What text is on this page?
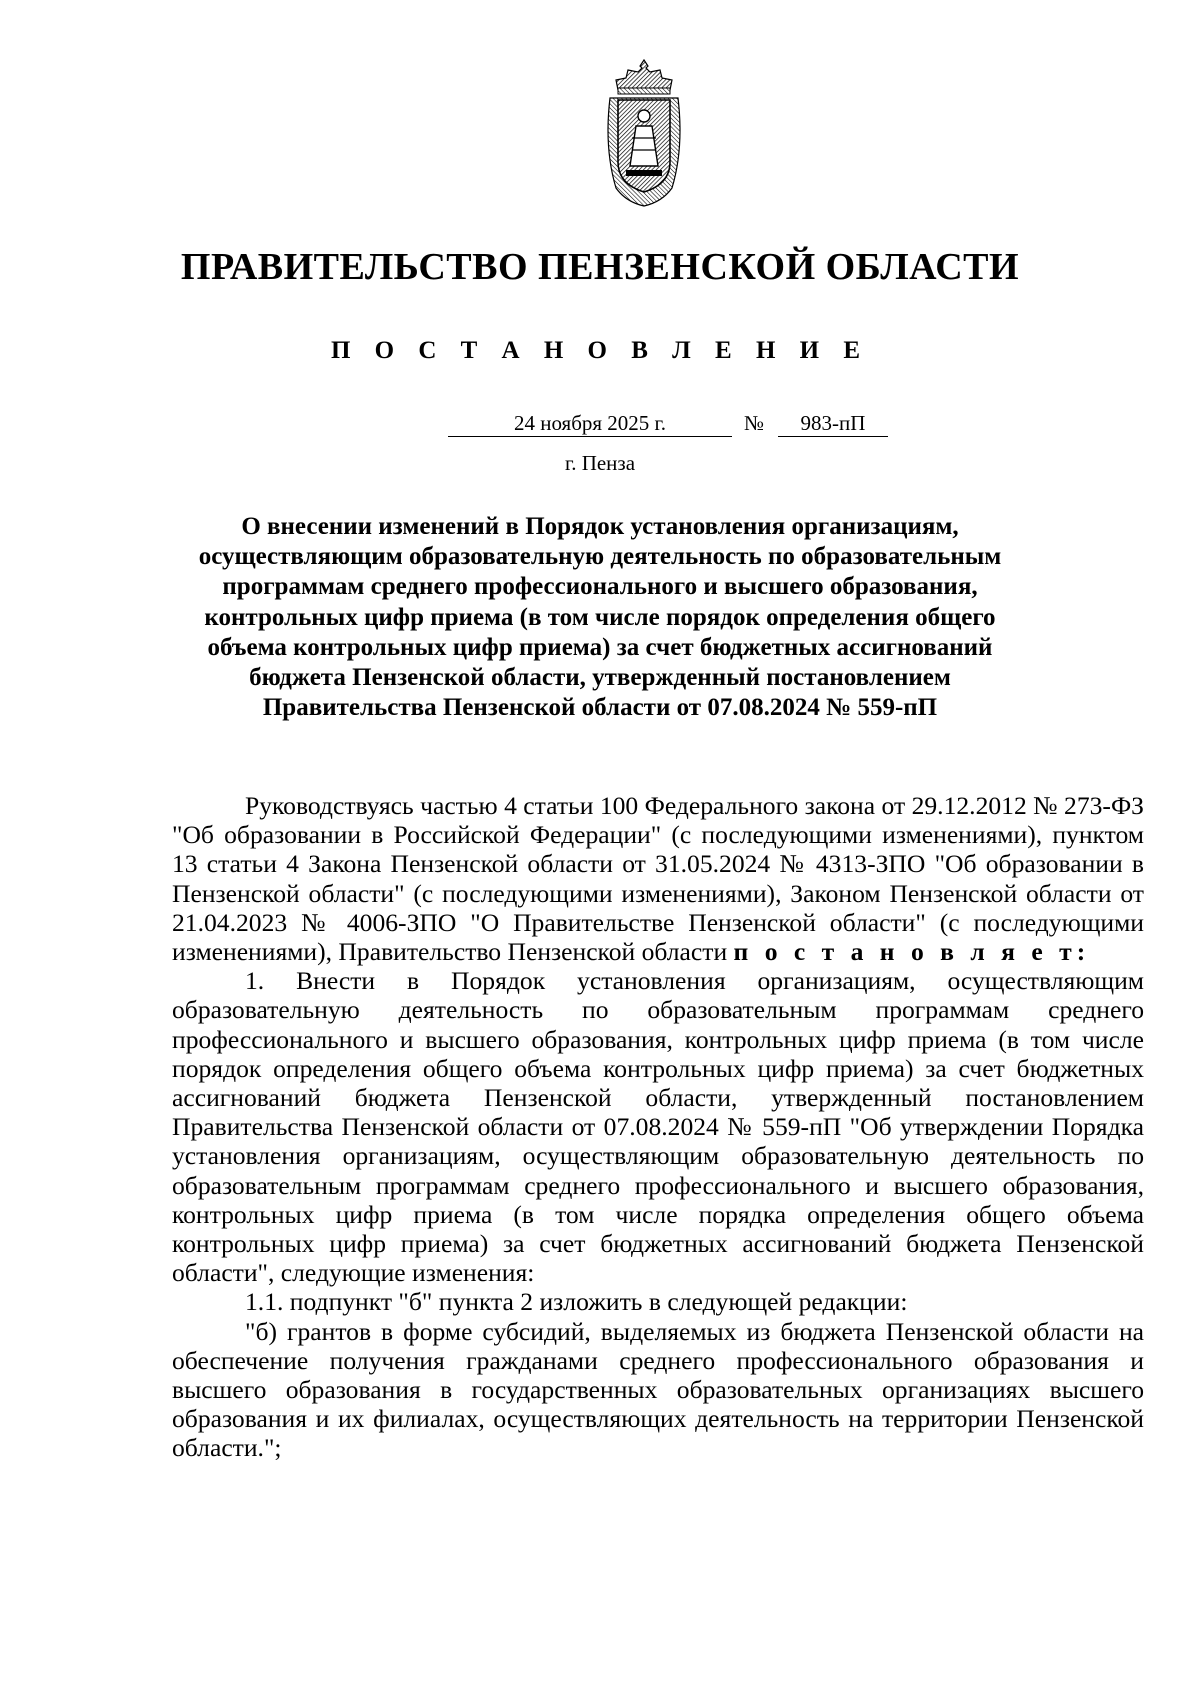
ПРАВИТЕЛЬСТВО ПЕНЗЕНСКОЙ ОБЛАСТИ
П О С Т А Н О В Л Е Н И Е
24 ноября 2025 г.	№	983-пП
г. Пенза
О внесении изменений в Порядок установления организациям, осуществляющим образовательную деятельность по образовательным программам среднего профессионального и высшего образования, контрольных цифр приема (в том числе порядок определения общего объема контрольных цифр приема) за счет бюджетных ассигнований бюджета Пензенской области, утвержденный постановлением Правительства Пензенской области от 07.08.2024 № 559-пП

Руководствуясь частью 4 статьи 100 Федерального закона от 29.12.2012 № 273-ФЗ "Об образовании в Российской Федерации" (с последующими изменениями), пунктом 13 статьи 4 Закона Пензенской области от 31.05.2024 № 4313-ЗПО "Об образовании в Пензенской области" (с последующими изменениями), Законом Пензенской области от 21.04.2023 № 4006-ЗПО "О Правительстве Пензенской области" (с последующими изменениями), Правительство Пензенской области п о с т а н о в л я е т:

1. Внести в Порядок установления организациям, осуществляющим образовательную деятельность по образовательным программам среднего профессионального и высшего образования, контрольных цифр приема (в том числе порядок определения общего объема контрольных цифр приема) за счет бюджетных ассигнований бюджета Пензенской области, утвержденный постановлением Правительства Пензенской области от 07.08.2024 № 559-пП "Об утверждении Порядка установления организациям, осуществляющим образовательную деятельность по образовательным программам среднего профессионального и высшего образования, контрольных цифр приема (в том числе порядка определения общего объема контрольных цифр приема) за счет бюджетных ассигнований бюджета Пензенской области", следующие изменения:

1.1. подпункт "б" пункта 2 изложить в следующей редакции:

"б) грантов в форме субсидий, выделяемых из бюджета Пензенской области на обеспечение получения гражданами среднего профессионального образования и высшего образования в государственных образовательных организациях высшего образования и их филиалах, осуществляющих деятельность на территории Пензенской области.";
